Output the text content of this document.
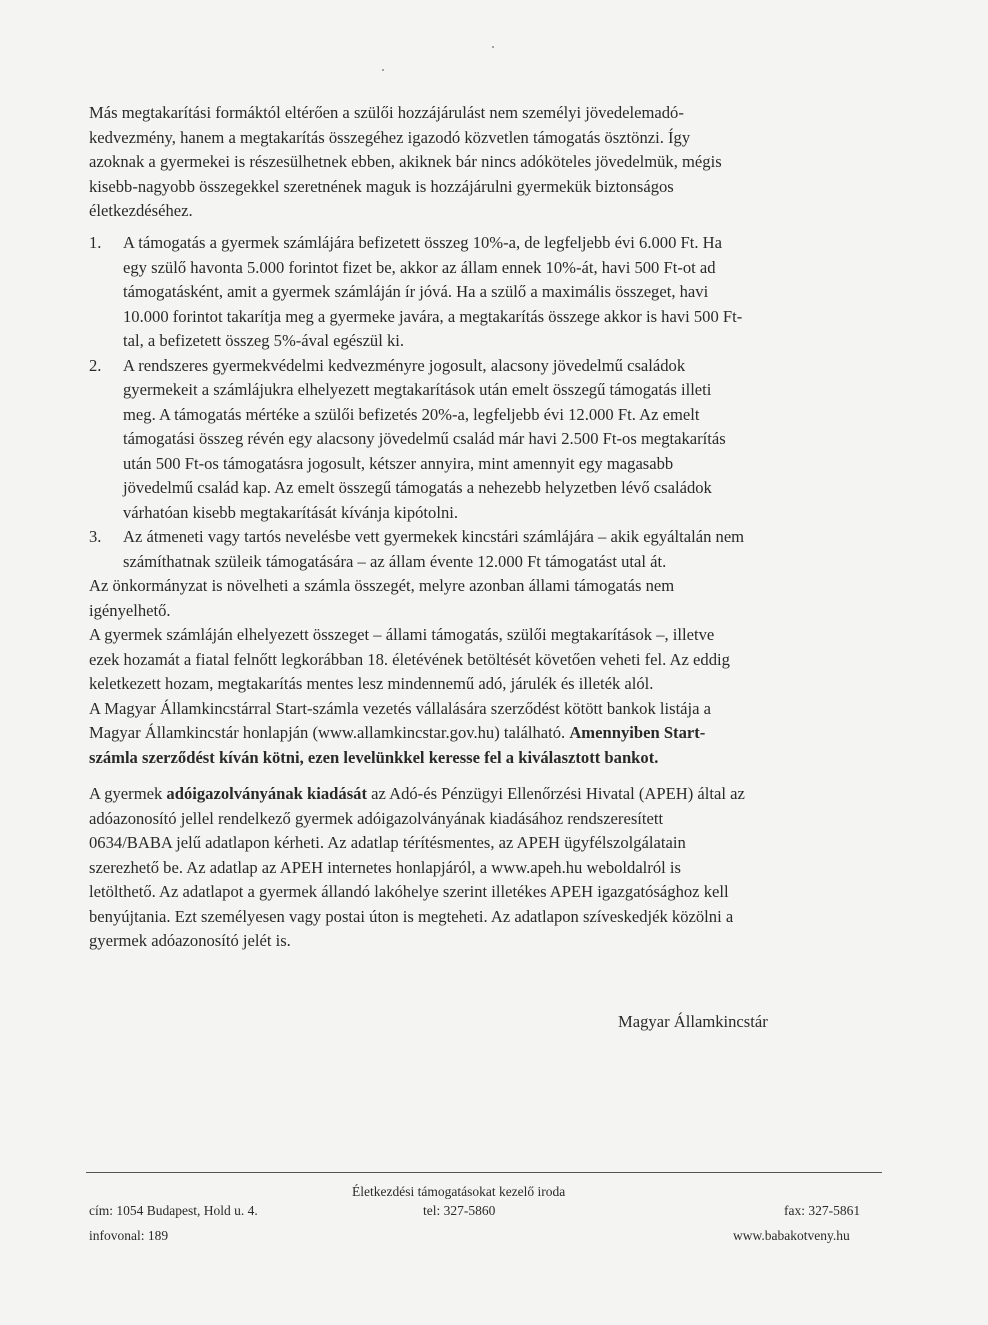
Más megtakarítási formáktól eltérően a szülői hozzájárulást nem személyi jövedelemadó-
kedvezmény, hanem a megtakarítás összegéhez igazodó közvetlen támogatás ösztönzi. Így
azoknak a gyermekei is részesülhetnek ebben, akiknek bár nincs adóköteles jövedelmük, mégis
kisebb-nagyobb összegekkel szeretnének maguk is hozzájárulni gyermekük biztonságos
életkezdéséhez.
1.	A támogatás a gyermek számlájára befizetett összeg 10%-a, de legfeljebb évi 6.000 Ft. Ha
egy szülő havonta 5.000 forintot fizet be, akkor az állam ennek 10%-át, havi 500 Ft-ot ad
támogatásként, amit a gyermek számláján ír jóvá. Ha a szülő a maximális összeget, havi
10.000 forintot takarítja meg a gyermeke javára, a megtakarítás összege akkor is havi 500 Ft-
tal, a befizetett összeg 5%-ával egészül ki.
2.	A rendszeres gyermekvédelmi kedvezményre jogosult, alacsony jövedelmű családok
gyermekeit a számlájukra elhelyezett megtakarítások után emelt összegű támogatás illeti
meg. A támogatás mértéke a szülői befizetés 20%-a, legfeljebb évi 12.000 Ft. Az emelt
támogatási összeg révén egy alacsony jövedelmű család már havi 2.500 Ft-os megtakarítás
után 500 Ft-os támogatásra jogosult, kétszer annyira, mint amennyit egy magasabb
jövedelmű család kap. Az emelt összegű támogatás a nehezebb helyzetben lévő családok
várhatóan kisebb megtakarítását kívánja kipótolni.
3.	Az átmeneti vagy tartós nevelésbe vett gyermekek kincstári számlájára – akik egyáltalán nem
számíthatnak szüleik támogatására – az állam évente 12.000 Ft támogatást utal át.
Az önkormányzat is növelheti a számla összegét, melyre azonban állami támogatás nem
igényelhető.
A gyermek számláján elhelyezett összeget – állami támogatás, szülői megtakarítások –, illetve
ezek hozamát a fiatal felnőtt legkorábban 18. életévének betöltését követően veheti fel. Az eddig
keletkezett hozam, megtakarítás mentes lesz mindennemű adó, járulék és illeték alól.
A Magyar Államkincstárral Start-számla vezetés vállalására szerződést kötött bankok listája a
Magyar Államkincstár honlapján (www.allamkincstar.gov.hu) található. Amennyiben Start-
számla szerződést kíván kötni, ezen levelünkkel keresse fel a kiválasztott bankot.
A gyermek adóigazolványának kiadását az Adó-és Pénzügyi Ellenőrzési Hivatal (APEH) által az
adóazonosító jellel rendelkező gyermek adóigazolványának kiadásához rendszeresített
0634/BABA jelű adatlapon kérheti. Az adatlap térítésmentes, az APEH ügyfélszolgálatain
szerezhető be. Az adatlap az APEH internetes honlapjáról, a www.apeh.hu weboldalról is
letölthető. Az adatlapot a gyermek állandó lakóhelye szerint illetékes APEH igazgatósághoz kell
benyújtania. Ezt személyesen vagy postai úton is megteheti. Az adatlapon szíveskedjék közölni a
gyermek adóazonosító jelét is.
Magyar Államkincstár
Életkezdési támogatásokat kezelő iroda
cím: 1054 Budapest, Hold u. 4.	tel: 327-5860	fax: 327-5861
infovonal: 189	www.babakotveny.hu
